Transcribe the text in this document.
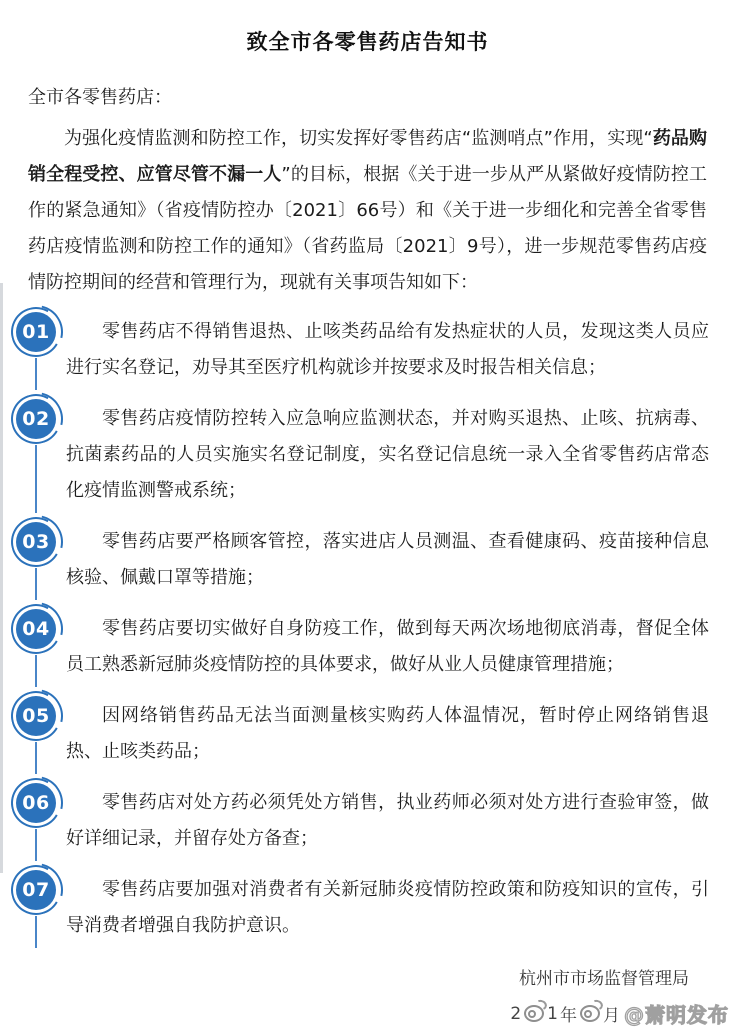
致全市各零售药店告知书

全市各零售药店：

为强化疫情监测和防控工作，切实发挥好零售药店“监测哨点”作用，实现“药品购销全程受控、应管尽管不漏一人”的目标，根据《关于进一步从严从紧做好疫情防控工作的紧急通知》（省疫情防控办〔2021〕66号）和《关于进一步细化和完善全省零售药店疫情监测和防控工作的通知》（省药监局〔2021〕9号），进一步规范零售药店疫情防控期间的经营和管理行为，现就有关事项告知如下：

01	零售药店不得销售退热、止咳类药品给有发热症状的人员，发现这类人员应进行实名登记，劝导其至医疗机构就诊并按要求及时报告相关信息；

02	零售药店疫情防控转入应急响应监测状态，并对购买退热、止咳、抗病毒、抗菌素药品的人员实施实名登记制度，实名登记信息统一录入全省零售药店常态化疫情监测警戒系统；

03	零售药店要严格顾客管控，落实进店人员测温、查看健康码、疫苗接种信息核验、佩戴口罩等措施；

04	零售药店要切实做好自身防疫工作，做到每天两次场地彻底消毒，督促全体员工熟悉新冠肺炎疫情防控的具体要求，做好从业人员健康管理措施；

05	因网络销售药品无法当面测量核实购药人体温情况，暂时停止网络销售退热、止咳类药品；

06	零售药店对处方药必须凭处方销售，执业药师必须对处方进行查验审签，做好详细记录，并留存处方备查；

07	零售药店要加强对消费者有关新冠肺炎疫情防控政策和防疫知识的宣传，引导消费者增强自我防护意识。

杭州市市场监督管理局

2 1 年 月 @萧明发布
